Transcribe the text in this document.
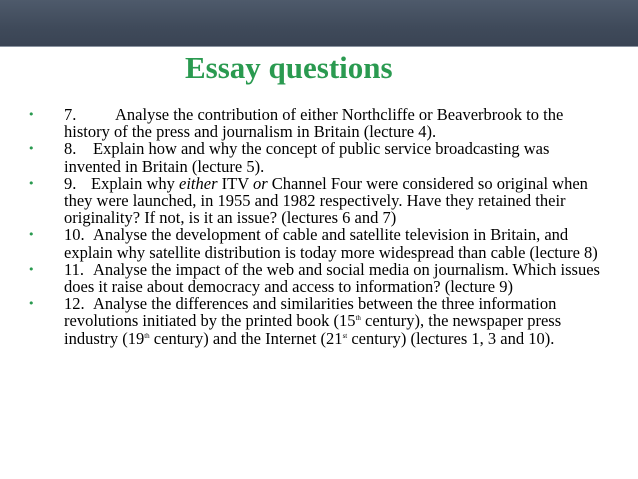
Essay questions
• 7. Analyse the contribution of either Northcliffe or Beaverbrook to the history of the press and journalism in Britain (lecture 4).
• 8. Explain how and why the concept of public service broadcasting was invented in Britain (lecture 5).
• 9. Explain why either ITV or Channel Four were considered so original when they were launched, in 1955 and 1982 respectively. Have they retained their originality? If not, is it an issue? (lectures 6 and 7)
• 10. Analyse the development of cable and satellite television in Britain, and explain why satellite distribution is today more widespread than cable (lecture 8)
• 11. Analyse the impact of the web and social media on journalism. Which issues does it raise about democracy and access to information? (lecture 9)
• 12. Analyse the differences and similarities between the three information revolutions initiated by the printed book (15th century), the newspaper press industry (19th century) and the Internet (21st century) (lectures 1, 3 and 10).
